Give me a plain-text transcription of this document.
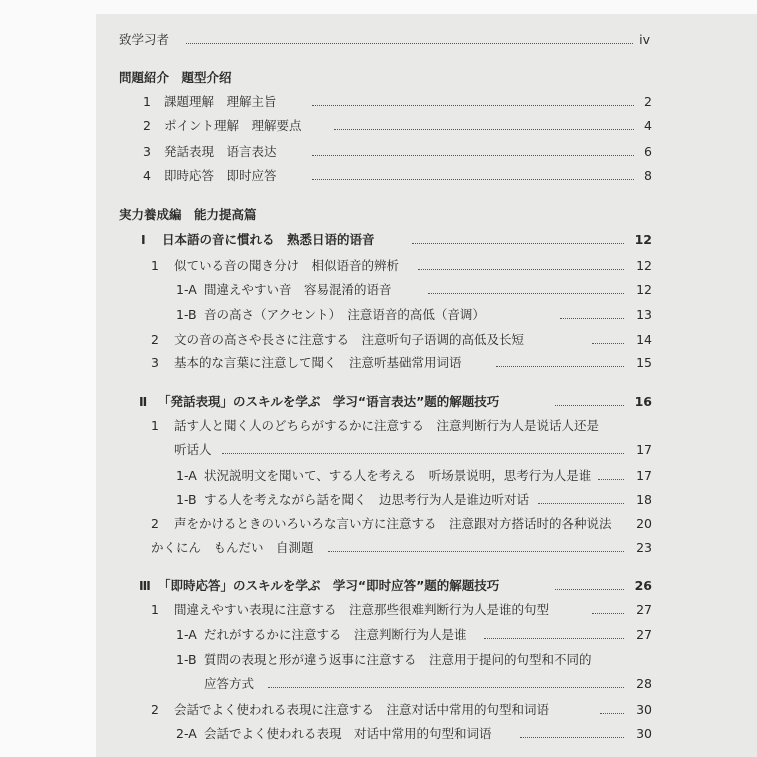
致学习者	iv
問題紹介　題型介绍
1 課題理解　理解主旨	2
2 ポイント理解　理解要点	4
3 発話表現　语言表达	6
4 即時応答　即时应答	8
実力養成編　能力提高篇
Ⅰ 日本語の音に慣れる　熟悉日语的语音	12
1 似ている音の聞き分け　相似语音的辨析	12
1-A 間違えやすい音　容易混淆的语音	12
1-B 音の高さ（アクセント）　注意语音的高低（音调）	13
2 文の音の高さや長さに注意する　注意听句子语调的高低及长短	14
3 基本的な言葉に注意して聞く　注意听基础常用词语	15
Ⅱ 「発話表現」のスキルを学ぶ　学习“语言表达”题的解题技巧	16
1 話す人と聞く人のどちらがするかに注意する　注意判断行为人是说话人还是
听话人	17
1-A 状況説明文を聞いて、する人を考える　听场景说明，思考行为人是谁	17
1-B する人を考えながら話を聞く　边思考行为人是谁边听对话	18
2 声をかけるときのいろいろな言い方に注意する　注意跟对方搭话时的各种说法 20
かくにん　もんだい　自測題	23
Ⅲ 「即時応答」のスキルを学ぶ　学习“即时应答”题的解题技巧	26
1 間違えやすい表現に注意する　注意那些很难判断行为人是谁的句型	27
1-A だれがするかに注意する　注意判断行为人是谁	27
1-B 質問の表現と形が違う返事に注意する　注意用于提问的句型和不同的
应答方式	28
2 会話でよく使われる表現に注意する　注意对话中常用的句型和词语	30
2-A 会話でよく使われる表現　对话中常用的句型和词语	30
